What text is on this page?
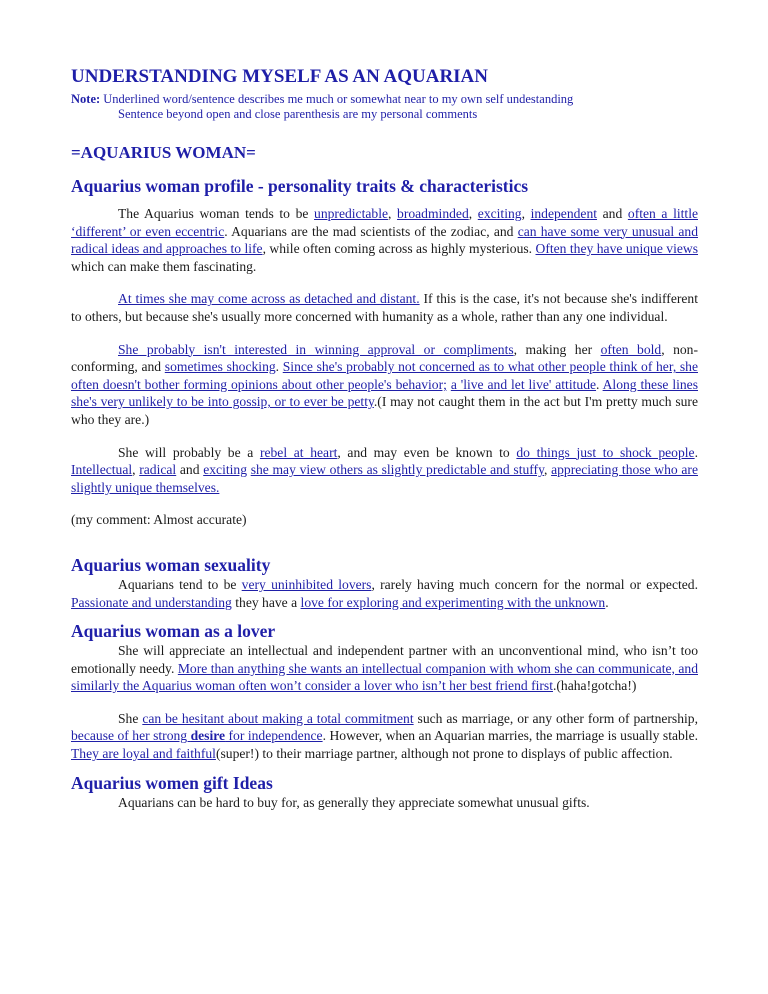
UNDERSTANDING MYSELF AS AN AQUARIAN
Note: Underlined word/sentence describes me much or somewhat near to my own self undestanding
Sentence beyond open and close parenthesis are my personal comments
=AQUARIUS WOMAN=
Aquarius woman profile - personality traits & characteristics

The Aquarius woman tends to be unpredictable, broadminded, exciting, independent and often a little ‘different’ or even eccentric. Aquarians are the mad scientists of the zodiac, and can have some very unusual and radical ideas and approaches to life, while often coming across as highly mysterious. Often they have unique views which can make them fascinating.

At times she may come across as detached and distant. If this is the case, it's not because she's indifferent to others, but because she's usually more concerned with humanity as a whole, rather than any one individual.

She probably isn't interested in winning approval or compliments, making her often bold, non-conforming, and sometimes shocking. Since she's probably not concerned as to what other people think of her, she often doesn't bother forming opinions about other people's behavior; a 'live and let live' attitude. Along these lines she's very unlikely to be into gossip, or to ever be petty.(I may not caught them in the act but I'm pretty much sure who they are.)

She will probably be a rebel at heart, and may even be known to do things just to shock people. Intellectual, radical and exciting she may view others as slightly predictable and stuffy, appreciating those who are slightly unique themselves.

(my comment: Almost accurate)

Aquarius woman sexuality

Aquarians tend to be very uninhibited lovers, rarely having much concern for the normal or expected. Passionate and understanding they have a love for exploring and experimenting with the unknown.

Aquarius woman as a lover

She will appreciate an intellectual and independent partner with an unconventional mind, who isn’t too emotionally needy. More than anything she wants an intellectual companion with whom she can communicate, and similarly the Aquarius woman often won’t consider a lover who isn’t her best friend first.(haha!gotcha!)

She can be hesitant about making a total commitment such as marriage, or any other form of partnership, because of her strong desire for independence. However, when an Aquarian marries, the marriage is usually stable. They are loyal and faithful(super!) to their marriage partner, although not prone to displays of public affection.

Aquarius women gift Ideas

Aquarians can be hard to buy for, as generally they appreciate somewhat unusual gifts.
